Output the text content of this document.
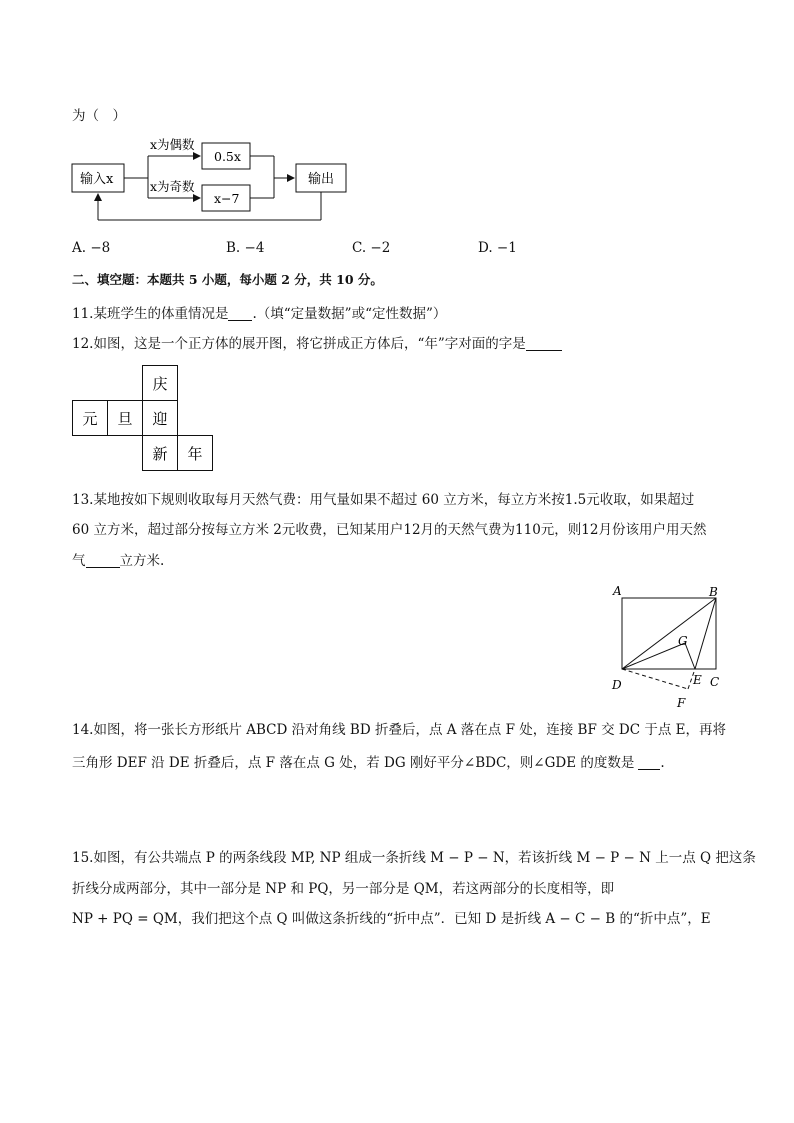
为（　）
输入x
x为偶数
x为奇数
0.5x
x−7
输出
A. −8	B. −4	C. −2	D. −1
二、填空题：本题共 5 小题，每小题 2 分，共 10 分。
11.某班学生的体重情况是 .（填“定量数据”或“定性数据”）
12.如图，这是一个正方体的展开图，将它拼成正方体后，“年”字对面的字是
庆
元 旦 迎
新 年
13.某地按如下规则收取每月天然气费：用气量如果不超过 60 立方米，每立方米按1.5元收取，如果超过
60 立方米，超过部分按每立方米 2元收费，已知某用户12月的天然气费为110元，则12月份该用户用天然
气	立方米.
A	B
C
D	E
F
G
14.如图，将一张长方形纸片 ABCD 沿对角线 BD 折叠后，点 A 落在点 F 处，连接 BF 交 DC 于点 E，再将
三角形 DEF 沿 DE 折叠后，点 F 落在点 G 处，若 DG 刚好平分∠BDC，则∠GDE 的度数是 .
15.如图，有公共端点 P 的两条线段 MP, NP 组成一条折线 M − P − N，若该折线 M − P − N 上一点 Q 把这条
折线分成两部分，其中一部分是 NP 和 PQ，另一部分是 QM，若这两部分的长度相等，即
NP + PQ = QM，我们把这个点 Q 叫做这条折线的“折中点”．已知 D 是折线 A − C − B 的“折中点”，E
